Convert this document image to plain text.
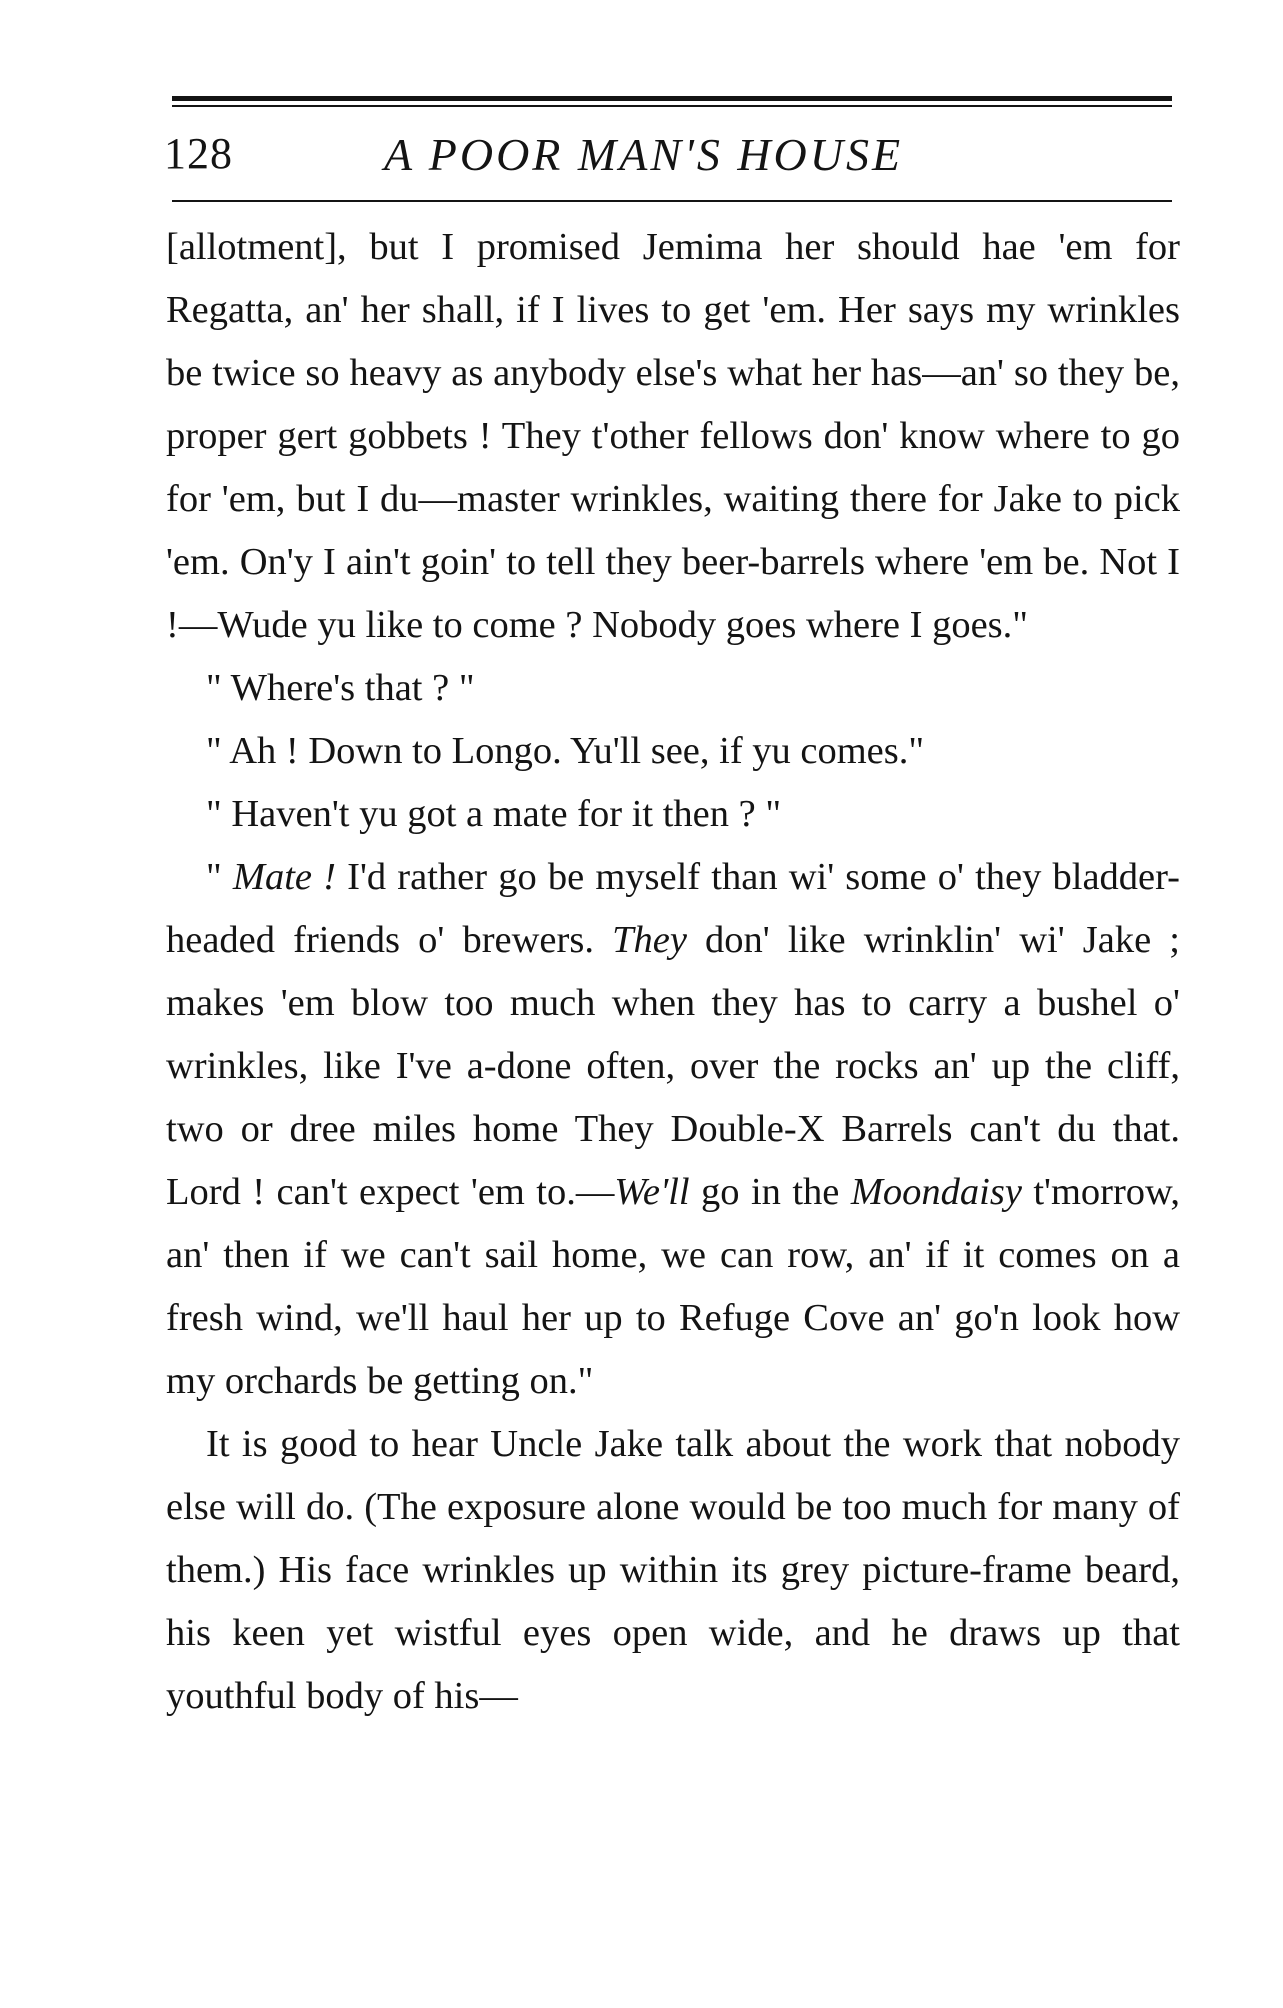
128	A POOR MAN'S HOUSE

[allotment], but I promised Jemima her should hae 'em for Regatta, an' her shall, if I lives to get 'em. Her says my wrinkles be twice so heavy as anybody else's what her has—an' so they be, proper gert gobbets ! They t'other fellows don' know where to go for 'em, but I du—master wrinkles, waiting there for Jake to pick 'em. On'y I ain't goin' to tell they beer-barrels where 'em be. Not I !—Wude yu like to come ? Nobody goes where I goes."

" Where's that ? "

" Ah ! Down to Longo. Yu'll see, if yu comes."

" Haven't yu got a mate for it then ? "

" Mate ! I'd rather go be myself than wi' some o' they bladder-headed friends o' brewers. They don' like wrinklin' wi' Jake ; makes 'em blow too much when they has to carry a bushel o' wrinkles, like I've a-done often, over the rocks an' up the cliff, two or dree miles home They Double-X Barrels can't du that. Lord ! can't expect 'em to.—We'll go in the Moondaisy t'morrow, an' then if we can't sail home, we can row, an' if it comes on a fresh wind, we'll haul her up to Refuge Cove an' go'n look how my orchards be getting on."

It is good to hear Uncle Jake talk about the work that nobody else will do. (The exposure alone would be too much for many of them.) His face wrinkles up within its grey picture-frame beard, his keen yet wistful eyes open wide, and he draws up that youthful body of his—
